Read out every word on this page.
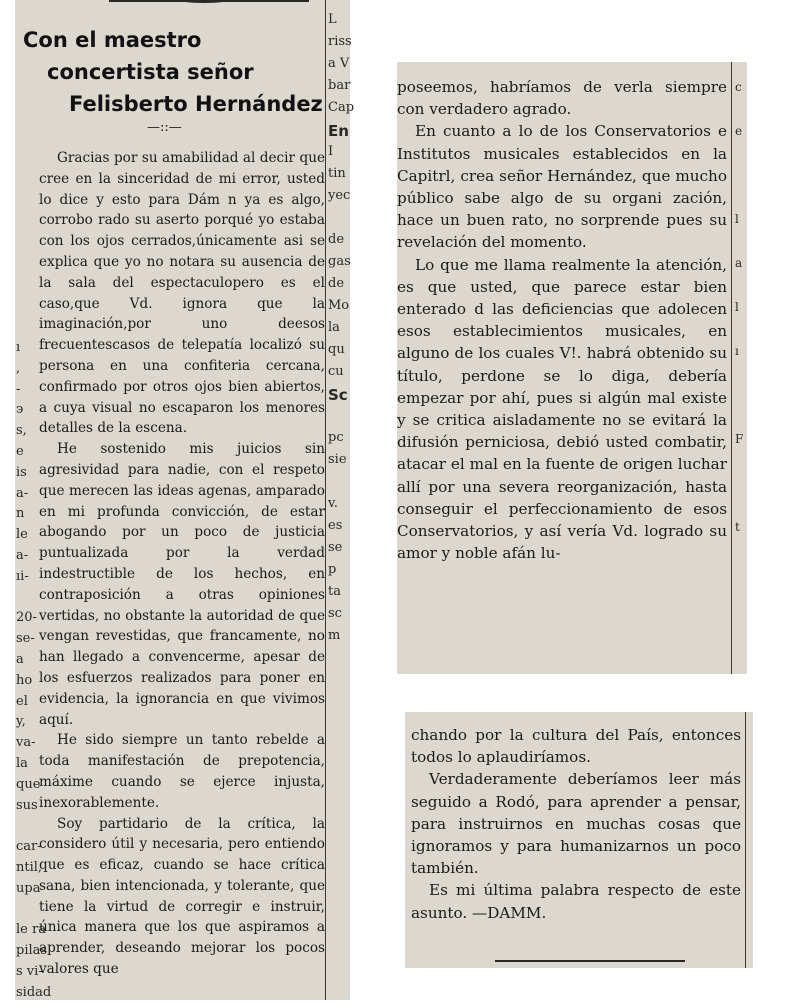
ı
,
-
э
s,
e
is
a-
n
le
a-
ıi-

20-
se-
a
ho
el
y,
va-
la
que
sus

car-
ntil,
upa

le ra
pilas
s vi-
sidad
Con el maestro
concertista señor
Felisberto Hernández
—::—

Gracias por su amabilidad al decir que cree en la sinceridad de mi error, usted lo dice y esto para Dám n ya es algo, corrobo rado su aserto porqué yo estaba con los ojos cerrados,únicamente asi se explica que yo no notara su ausencia de la sala del espectaculopero es el caso,que Vd. ignora que la imaginación,por uno deesos frecuentescasos de telepatía localizó su persona en una confiteria cercana, confirmado por otros ojos bien abiertos, a cuya visual no escaparon los menores detalles de la escena.

He sostenido mis juicios sin agresividad para nadie, con el respeto que merecen las ideas agenas, amparado en mi profunda convicción, de estar abogando por un poco de justicia puntualizada por la verdad indestructible de los hechos, en contraposición a otras opiniones vertidas, no obstante la autoridad de que vengan revestidas, que francamente, no han llegado a convencerme, apesar de los esfuerzos realizados para poner en evidencia, la ignorancia en que vivimos aquí.

He sido siempre un tanto rebelde a toda manifestación de prepotencia, máxime cuando se ejerce injusta, inexorablemente.

Soy partidario de la crítica, la considero útil y necesaria, pero entiendo que es eficaz, cuando se hace crítica sana, bien intencionada, y tolerante, que tiene la virtud de corregir e instruir, única manera que los que aspiramos a aprender, deseando mejorar los pocos valores que

L
riss
a V
bar
Cap
En
I
tin
yec

de
gas
de
Mo
la
qu
cu
Sc

pc
sie

v.
es
se
p
ta
sc
m

poseemos, habríamos de verla siempre con verdadero agrado.

En cuanto a lo de los Conservatorios e Institutos musicales establecidos en la Capitrl, crea señor Hernández, que mucho público sabe algo de su organi zación, hace un buen rato, no sorprende pues su revelación del momento.

Lo que me llama realmente la atención, es que usted, que parece estar bien enterado d las deficiencias que adolecen esos establecimientos musicales, en alguno de los cuales V!. habrá obtenido su título, perdone se lo diga, debería empezar por ahí, pues si algún mal existe y se critica aisladamente no se evitará la difusión perniciosa, debió usted combatir, atacar el mal en la fuente de origen luchar allí por una severa reorganización, hasta conseguir el perfeccionamiento de esos Conservatorios, y así vería Vd. logrado su amor y noble afán lu-

c
e

l
a
l
ı

F

t

chando por la cultura del País, entonces todos lo aplaudiríamos.

Verdaderamente deberíamos leer más seguido a Rodó, para aprender a pensar, para instruirnos en muchas cosas que ignoramos y para humanizarnos un poco también.

Es mi última palabra respecto de este asunto. —DAMM.
